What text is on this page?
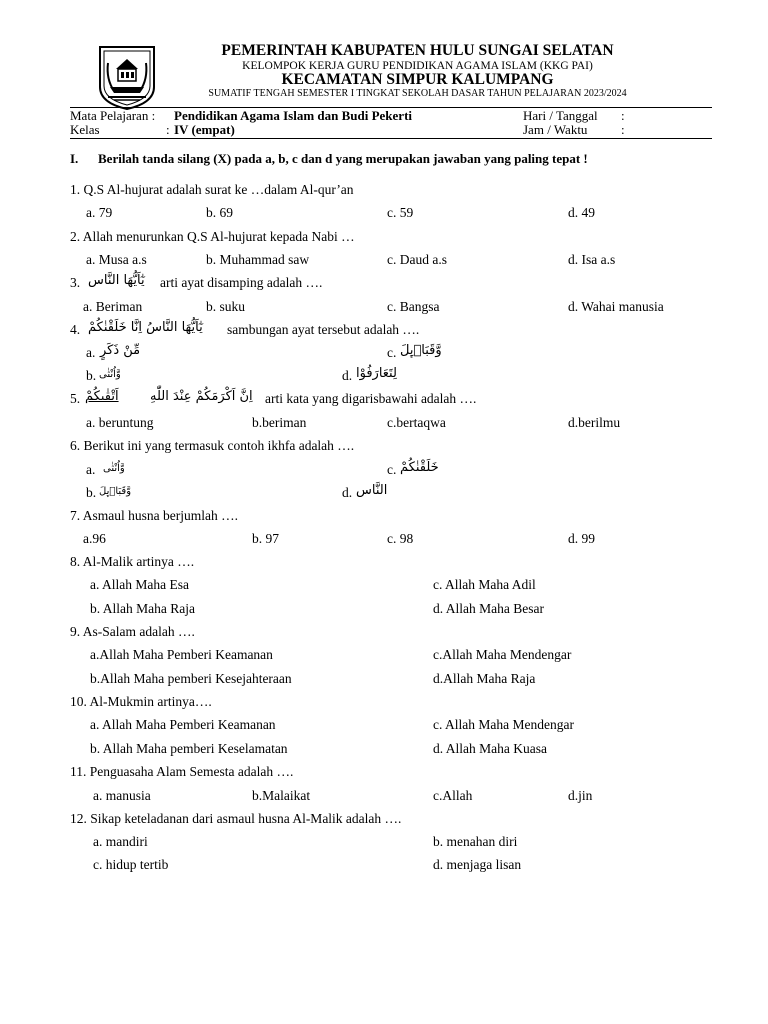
PEMERINTAH KABUPATEN HULU SUNGAI SELATAN
KELOMPOK KERJA GURU PENDIDIKAN AGAMA ISLAM (KKG PAI)
KECAMATAN SIMPUR KALUMPANG
SUMATIF TENGAH SEMESTER I TINGKAT SEKOLAH DASAR TAHUN PELAJARAN 2023/2024
Mata Pelajaran : Pendidikan Agama Islam dan Budi Pekerti
Kelas	: IV (empat)
Hari / Tanggal :
Jam / Waktu	:
I. Berilah tanda silang (X) pada a, b, c dan d yang merupakan jawaban yang paling tepat !
1. Q.S Al-hujurat adalah surat ke …dalam Al-qur’an
a. 79	b. 69	c. 59	d. 49
2. Allah menurunkan Q.S Al-hujurat kepada Nabi …
a. Musa a.s	b. Muhammad saw	c. Daud a.s	d. Isa a.s
3. يٰٓاَيُّهَا النَّاس arti ayat disamping adalah ….
a. Beriman	b. suku	c. Bangsa	d. Wahai manusia
4. يٰٓاَيُّهَا النَّاسُ اِنَّا خَلَقْنٰكُمْ sambungan ayat tersebut adalah ….
a. مِّنْ ذَكَرٍ	c. وَّقَبَاۤىِٕلَ
b. وَّاُنْثٰى	d. لِتَعَارَفُوْا
5. اَتْقٰىكُمْ اِنَّ اَكْرَمَكُمْ عِنْدَ اللّٰهِ arti kata yang digarisbawahi adalah ….
a. beruntung	b.beriman	c.bertaqwa	d.berilmu
6. Berikut ini yang termasuk contoh ikhfa adalah ….
a. وَّاُنْثٰى	c. خَلَقْنٰكُمْ
b. وَّقَبَاۤىِٕلَ	d. النَّاس
7. Asmaul husna berjumlah ….
a.96	b. 97	c. 98	d. 99
8. Al-Malik artinya ….
a. Allah Maha Esa	c. Allah Maha Adil
b. Allah Maha Raja	d. Allah Maha Besar
9. As-Salam adalah ….
a.Allah Maha Pemberi Keamanan	c.Allah Maha Mendengar
b.Allah Maha pemberi Kesejahteraan	d.Allah Maha Raja
10. Al-Mukmin artinya….
a. Allah Maha Pemberi Keamanan	c. Allah Maha Mendengar
b. Allah Maha pemberi Keselamatan	d. Allah Maha Kuasa
11. Penguasaha Alam Semesta adalah ….
a. manusia	b.Malaikat	c.Allah	d.jin
12. Sikap keteladanan dari asmaul husna Al-Malik adalah ….
a. mandiri	b. menahan diri
c. hidup tertib	d. menjaga lisan
